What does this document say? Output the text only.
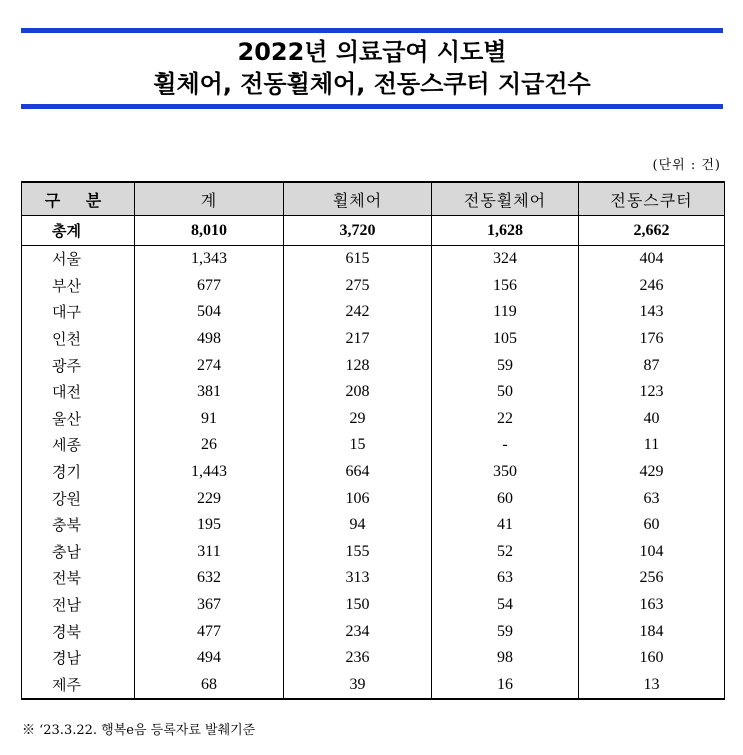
2022년 의료급여 시도별
휠체어, 전동휠체어, 전동스쿠터 지급건수
(단위 : 건)
구 분	계	휠체어	전동휠체어	전동스쿠터
총계	8,010	3,720	1,628	2,662
서울	1,343	615	324	404
부산	677	275	156	246
대구	504	242	119	143
인천	498	217	105	176
광주	274	128	59	87
대전	381	208	50	123
울산	91	29	22	40
세종	26	15	-	11
경기	1,443	664	350	429
강원	229	106	60	63
충북	195	94	41	60
충남	311	155	52	104
전북	632	313	63	256
전남	367	150	54	163
경북	477	234	59	184
경남	494	236	98	160
제주	68	39	16	13
※ ‘23.3.22. 행복e음 등록자료 발췌기준
